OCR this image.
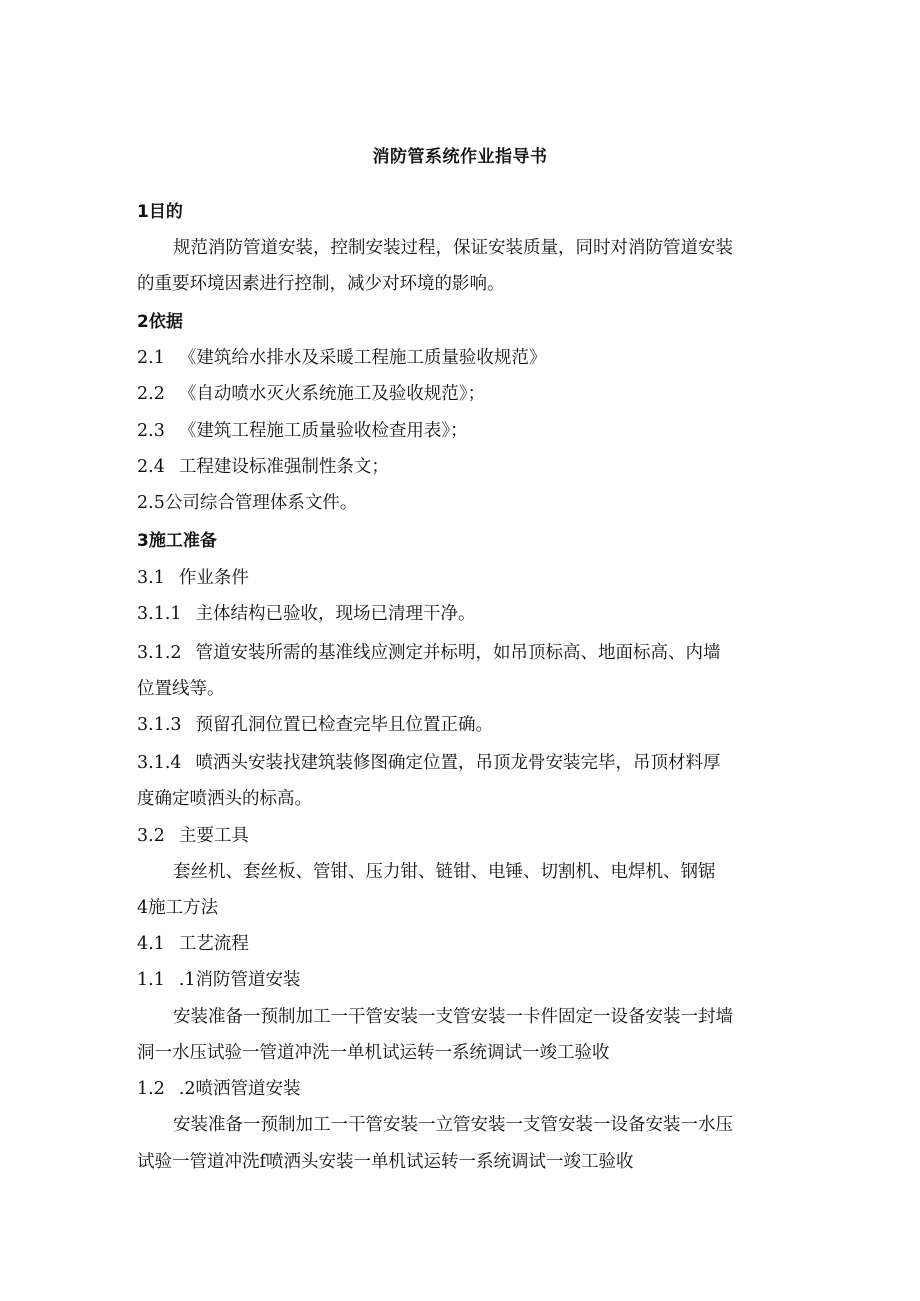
消防管系统作业指导书
1目的
规范消防管道安装，控制安装过程，保证安装质量，同时对消防管道安装
的重要环境因素进行控制，减少对环境的影响。
2依据
2.1 《建筑给水排水及采暖工程施工质量验收规范》
2.2 《自动喷水灭火系统施工及验收规范》；
2.3 《建筑工程施工质量验收检查用表》；
2.4 工程建设标准强制性条文；
2.5公司综合管理体系文件。
3施工准备
3.1 作业条件
3.1.1 主体结构已验收，现场已清理干净。
3.1.2 管道安装所需的基准线应测定并标明，如吊顶标高、地面标高、内墙
位置线等。
3.1.3 预留孔洞位置已检查完毕且位置正确。
3.1.4 喷洒头安装找建筑装修图确定位置，吊顶龙骨安装完毕，吊顶材料厚
度确定喷洒头的标高。
3.2 主要工具
套丝机、套丝板、管钳、压力钳、链钳、电锤、切割机、电焊机、钢锯
4施工方法
4.1 工艺流程
1.1 .1消防管道安装
安装准备一预制加工一干管安装一支管安装一卡件固定一设备安装一封墙
洞一水压试验一管道冲洗一单机试运转一系统调试一竣工验收
1.2 .2喷洒管道安装
安装准备一预制加工一干管安装一立管安装一支管安装一设备安装一水压
试验一管道冲洗f喷洒头安装一单机试运转一系统调试一竣工验收
